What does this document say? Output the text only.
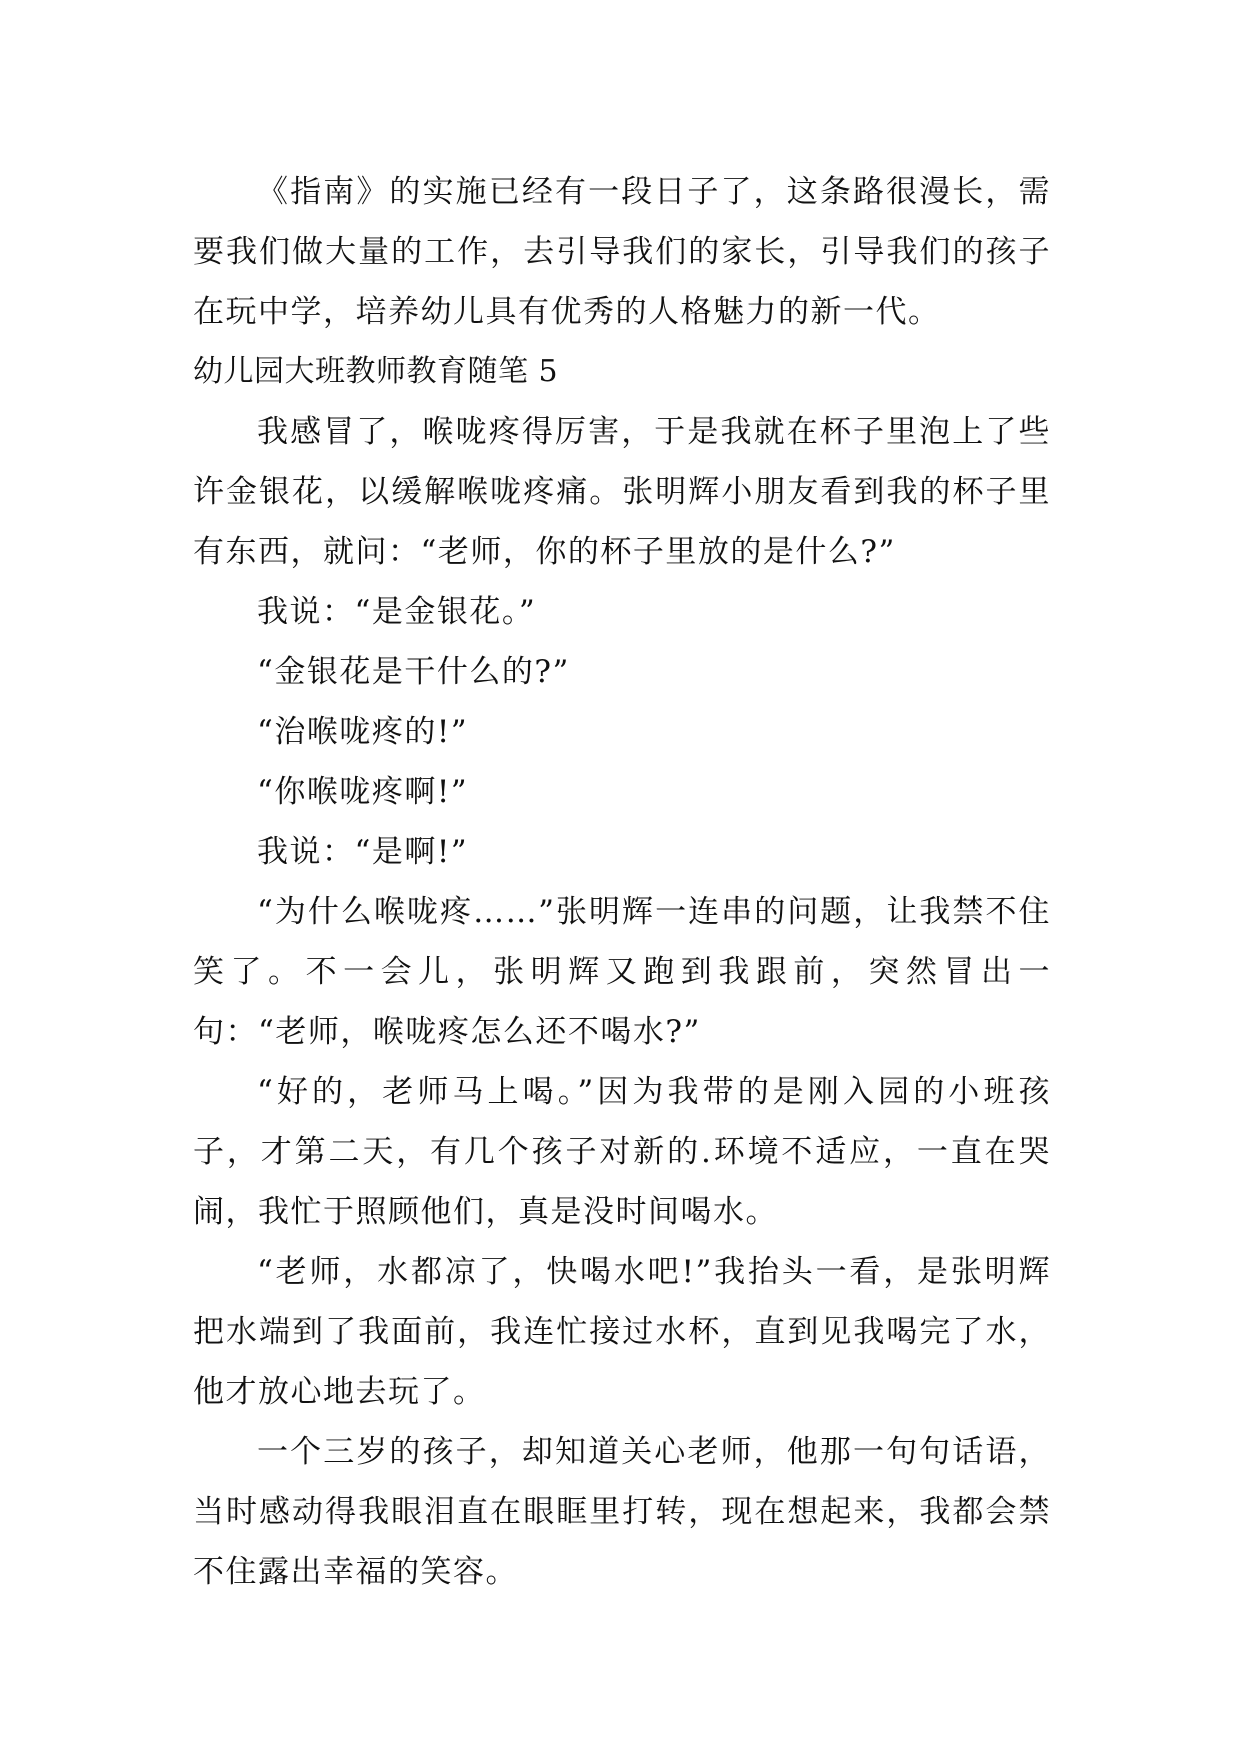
《指南》的实施已经有一段日子了，这条路很漫长，需要我们做大量的工作，去引导我们的家长，引导我们的孩子在玩中学，培养幼儿具有优秀的人格魅力的新一代。

幼儿园大班教师教育随笔 5

我感冒了，喉咙疼得厉害，于是我就在杯子里泡上了些许金银花，以缓解喉咙疼痛。张明辉小朋友看到我的杯子里有东西，就问：“老师，你的杯子里放的是什么?”

我说：“是金银花。”

“金银花是干什么的?”

“治喉咙疼的!”

“你喉咙疼啊!”

我说：“是啊!”

“为什么喉咙疼……”张明辉一连串的问题，让我禁不住笑了。不一会儿，张明辉又跑到我跟前，突然冒出一句：“老师，喉咙疼怎么还不喝水?”

“好的，老师马上喝。”因为我带的是刚入园的小班孩子，才第二天，有几个孩子对新的.环境不适应，一直在哭闹，我忙于照顾他们，真是没时间喝水。

“老师，水都凉了，快喝水吧!”我抬头一看，是张明辉把水端到了我面前，我连忙接过水杯，直到见我喝完了水，他才放心地去玩了。

一个三岁的孩子，却知道关心老师，他那一句句话语，当时感动得我眼泪直在眼眶里打转，现在想起来，我都会禁不住露出幸福的笑容。
